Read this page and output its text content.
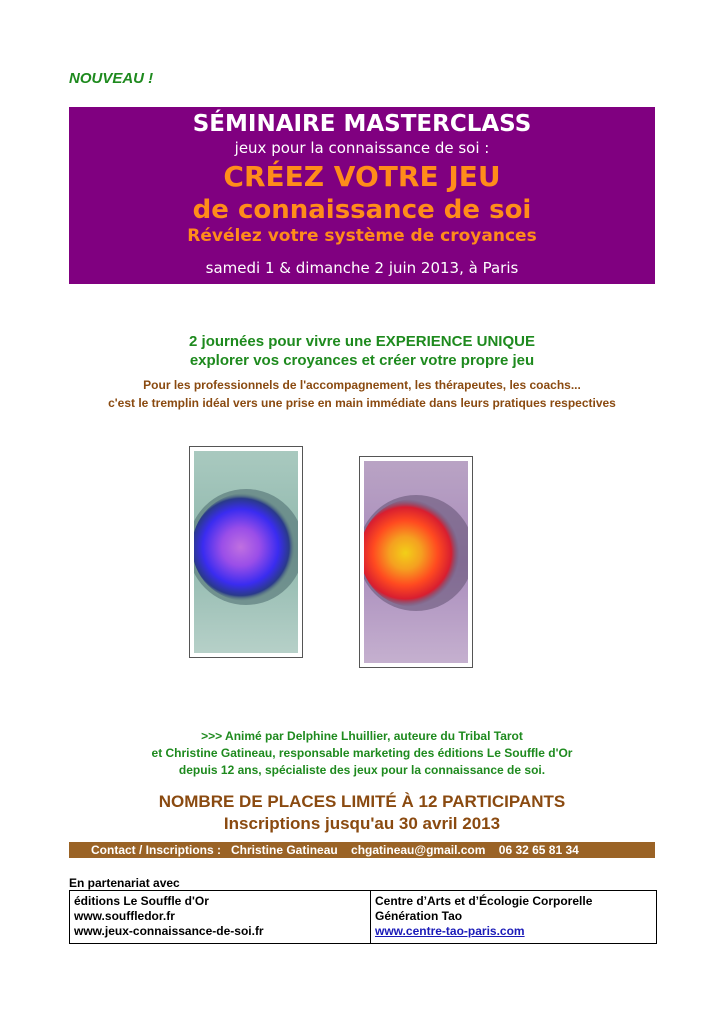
NOUVEAU !
SÉMINAIRE MASTERCLASS
jeux pour la connaissance de soi :
CRÉEZ VOTRE JEU
de connaissance de soi
Révélez votre système de croyances
samedi 1 & dimanche 2 juin 2013, à Paris
2 journées pour vivre une EXPERIENCE UNIQUE
explorer vos croyances et créer votre propre jeu
Pour les professionnels de l'accompagnement, les thérapeutes, les coachs...
c'est le tremplin idéal vers une prise en main immédiate dans leurs pratiques respectives
>>> Animé par Delphine Lhuillier, auteure du Tribal Tarot
et Christine Gatineau, responsable marketing des éditions Le Souffle d'Or
depuis 12 ans, spécialiste des jeux pour la connaissance de soi.
NOMBRE DE PLACES LIMITÉ À 12 PARTICIPANTS
Inscriptions jusqu'au 30 avril 2013
Contact / Inscriptions :   Christine Gatineau    chgatineau@gmail.com    06 32 65 81 34
En partenariat avec
éditions Le Souffle d'Or
www.souffledor.fr
www.jeux-connaissance-de-soi.fr
Centre d’Arts et d’Écologie Corporelle
Génération Tao
www.centre-tao-paris.com
